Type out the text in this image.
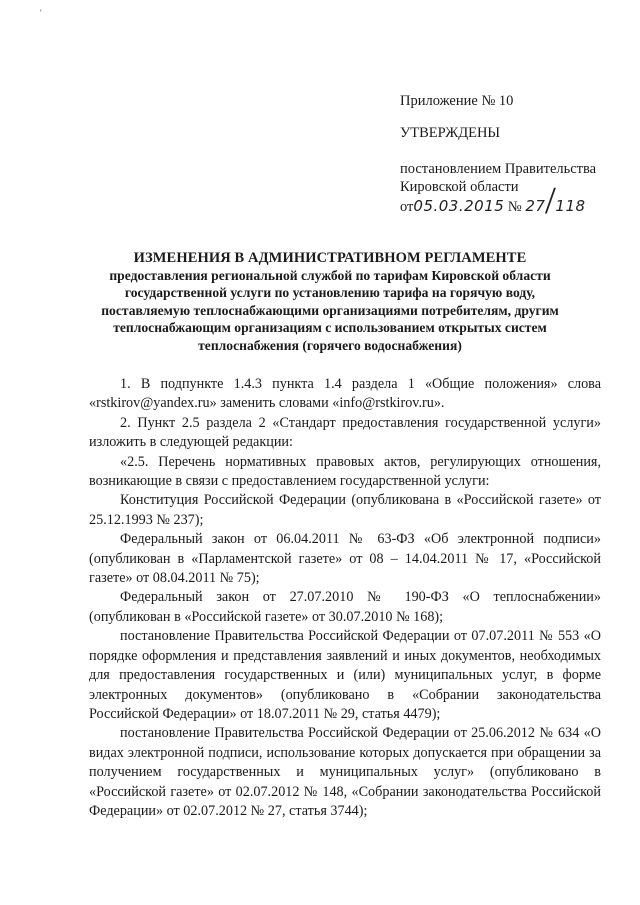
'

Приложение № 10

УТВЕРЖДЕНЫ

постановлением Правительства

Кировской области

от05.03.2015 № 27/118

ИЗМЕНЕНИЯ В АДМИНИСТРАТИВНОМ РЕГЛАМЕНТЕ

предоставления региональной службой по тарифам Кировской области

государственной услуги по установлению тарифа на горячую воду,

поставляемую теплоснабжающими организациями потребителям, другим

теплоснабжающим организациям с использованием открытых систем

теплоснабжения (горячего водоснабжения)

1. В подпункте 1.4.3 пункта 1.4 раздела 1 «Общие положения» слова «rstkirov@yandex.ru» заменить словами «info@rstkirov.ru».

2. Пункт 2.5 раздела 2 «Стандарт предоставления государственной услуги» изложить в следующей редакции:

«2.5. Перечень нормативных правовых актов, регулирующих отношения, возникающие в связи с предоставлением государственной услуги:

Конституция Российской Федерации (опубликована в «Российской газете» от 25.12.1993 № 237);

Федеральный закон от 06.04.2011 № 63-ФЗ «Об электронной подписи» (опубликован в «Парламентской газете» от 08 – 14.04.2011 № 17, «Российской газете» от 08.04.2011 № 75);

Федеральный закон от 27.07.2010 № 190-ФЗ «О теплоснабжении» (опубликован в «Российской газете» от 30.07.2010 № 168);

постановление Правительства Российской Федерации от 07.07.2011 № 553 «О порядке оформления и представления заявлений и иных документов, необходимых для предоставления государственных и (или) муниципальных услуг, в форме электронных документов» (опубликовано в «Собрании законодательства Российской Федерации» от 18.07.2011 № 29, статья 4479);

постановление Правительства Российской Федерации от 25.06.2012 № 634 «О видах электронной подписи, использование которых допускается при обращении за получением государственных и муниципальных услуг» (опубликовано в «Российской газете» от 02.07.2012 № 148, «Собрании законодательства Российской Федерации» от 02.07.2012 № 27, статья 3744);
